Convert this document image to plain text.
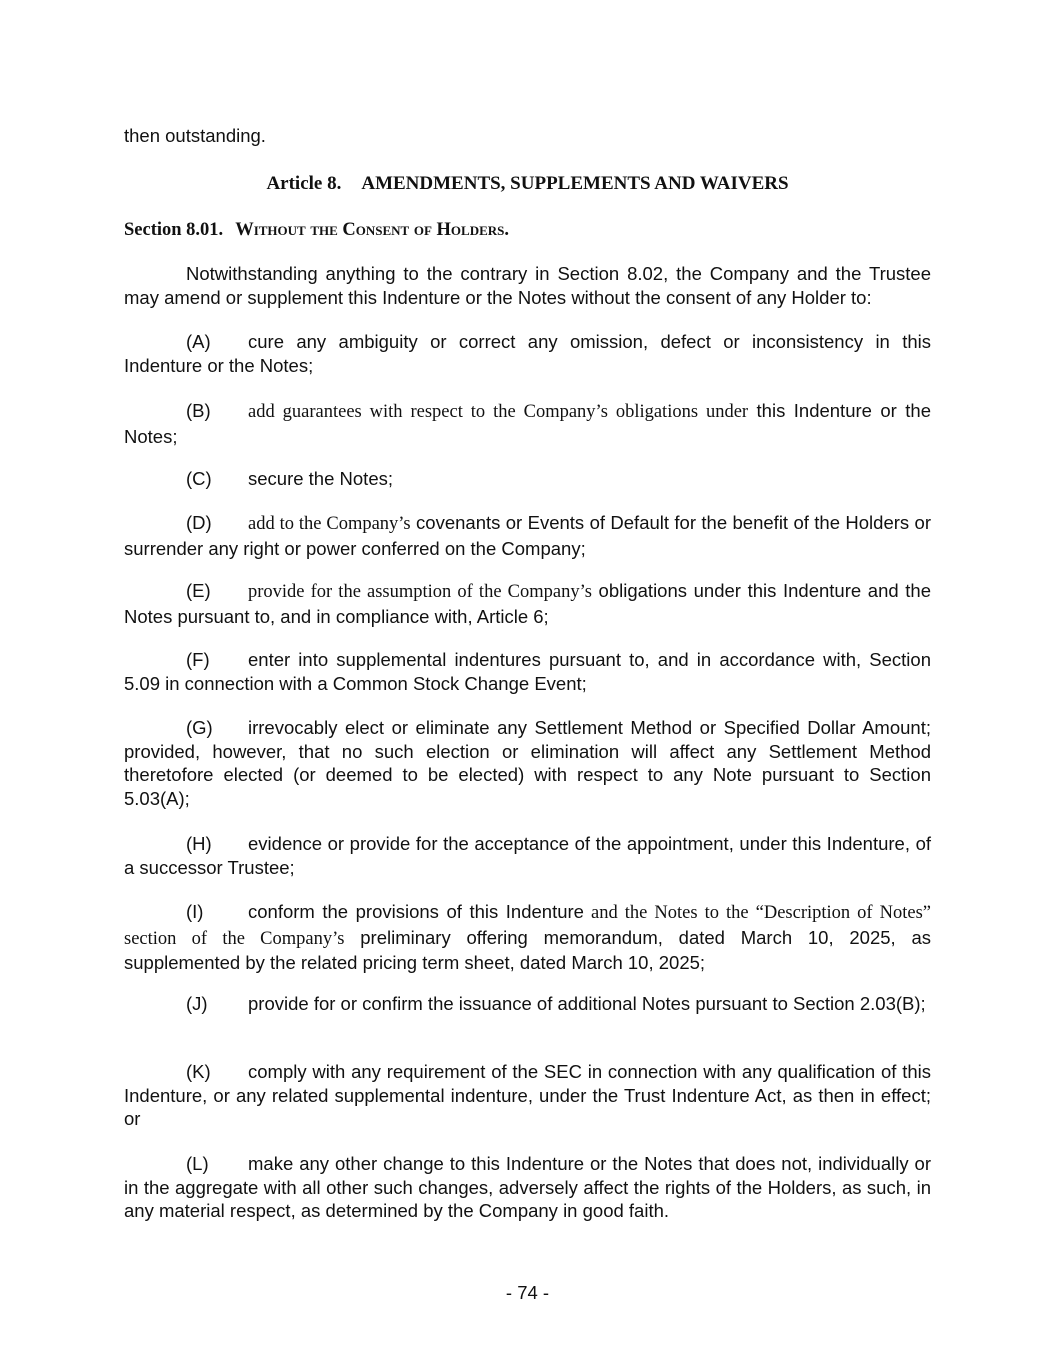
then outstanding.

Article 8. AMENDMENTS, SUPPLEMENTS AND WAIVERS
Section 8.01. Without the Consent of Holders.

Notwithstanding anything to the contrary in Section 8.02, the Company and the Trustee may amend or supplement this Indenture or the Notes without the consent of any Holder to:

(A) cure any ambiguity or correct any omission, defect or inconsistency in this Indenture or the Notes;

(B) add guarantees with respect to the Company’s obligations under this Indenture or the Notes;

(C) secure the Notes;

(D) add to the Company’s covenants or Events of Default for the benefit of the Holders or surrender any right or power conferred on the Company;

(E) provide for the assumption of the Company’s obligations under this Indenture and the Notes pursuant to, and in compliance with, Article 6;

(F) enter into supplemental indentures pursuant to, and in accordance with, Section 5.09 in connection with a Common Stock Change Event;

(G) irrevocably elect or eliminate any Settlement Method or Specified Dollar Amount; provided, however, that no such election or elimination will affect any Settlement Method theretofore elected (or deemed to be elected) with respect to any Note pursuant to Section 5.03(A);

(H) evidence or provide for the acceptance of the appointment, under this Indenture, of a successor Trustee;

(I) conform the provisions of this Indenture and the Notes to the “Description of Notes” section of the Company’s preliminary offering memorandum, dated March 10, 2025, as supplemented by the related pricing term sheet, dated March 10, 2025;

(J) provide for or confirm the issuance of additional Notes pursuant to Section 2.03(B);

(K) comply with any requirement of the SEC in connection with any qualification of this Indenture, or any related supplemental indenture, under the Trust Indenture Act, as then in effect; or

(L) make any other change to this Indenture or the Notes that does not, individually or in the aggregate with all other such changes, adversely affect the rights of the Holders, as such, in any material respect, as determined by the Company in good faith.

- 74 -
